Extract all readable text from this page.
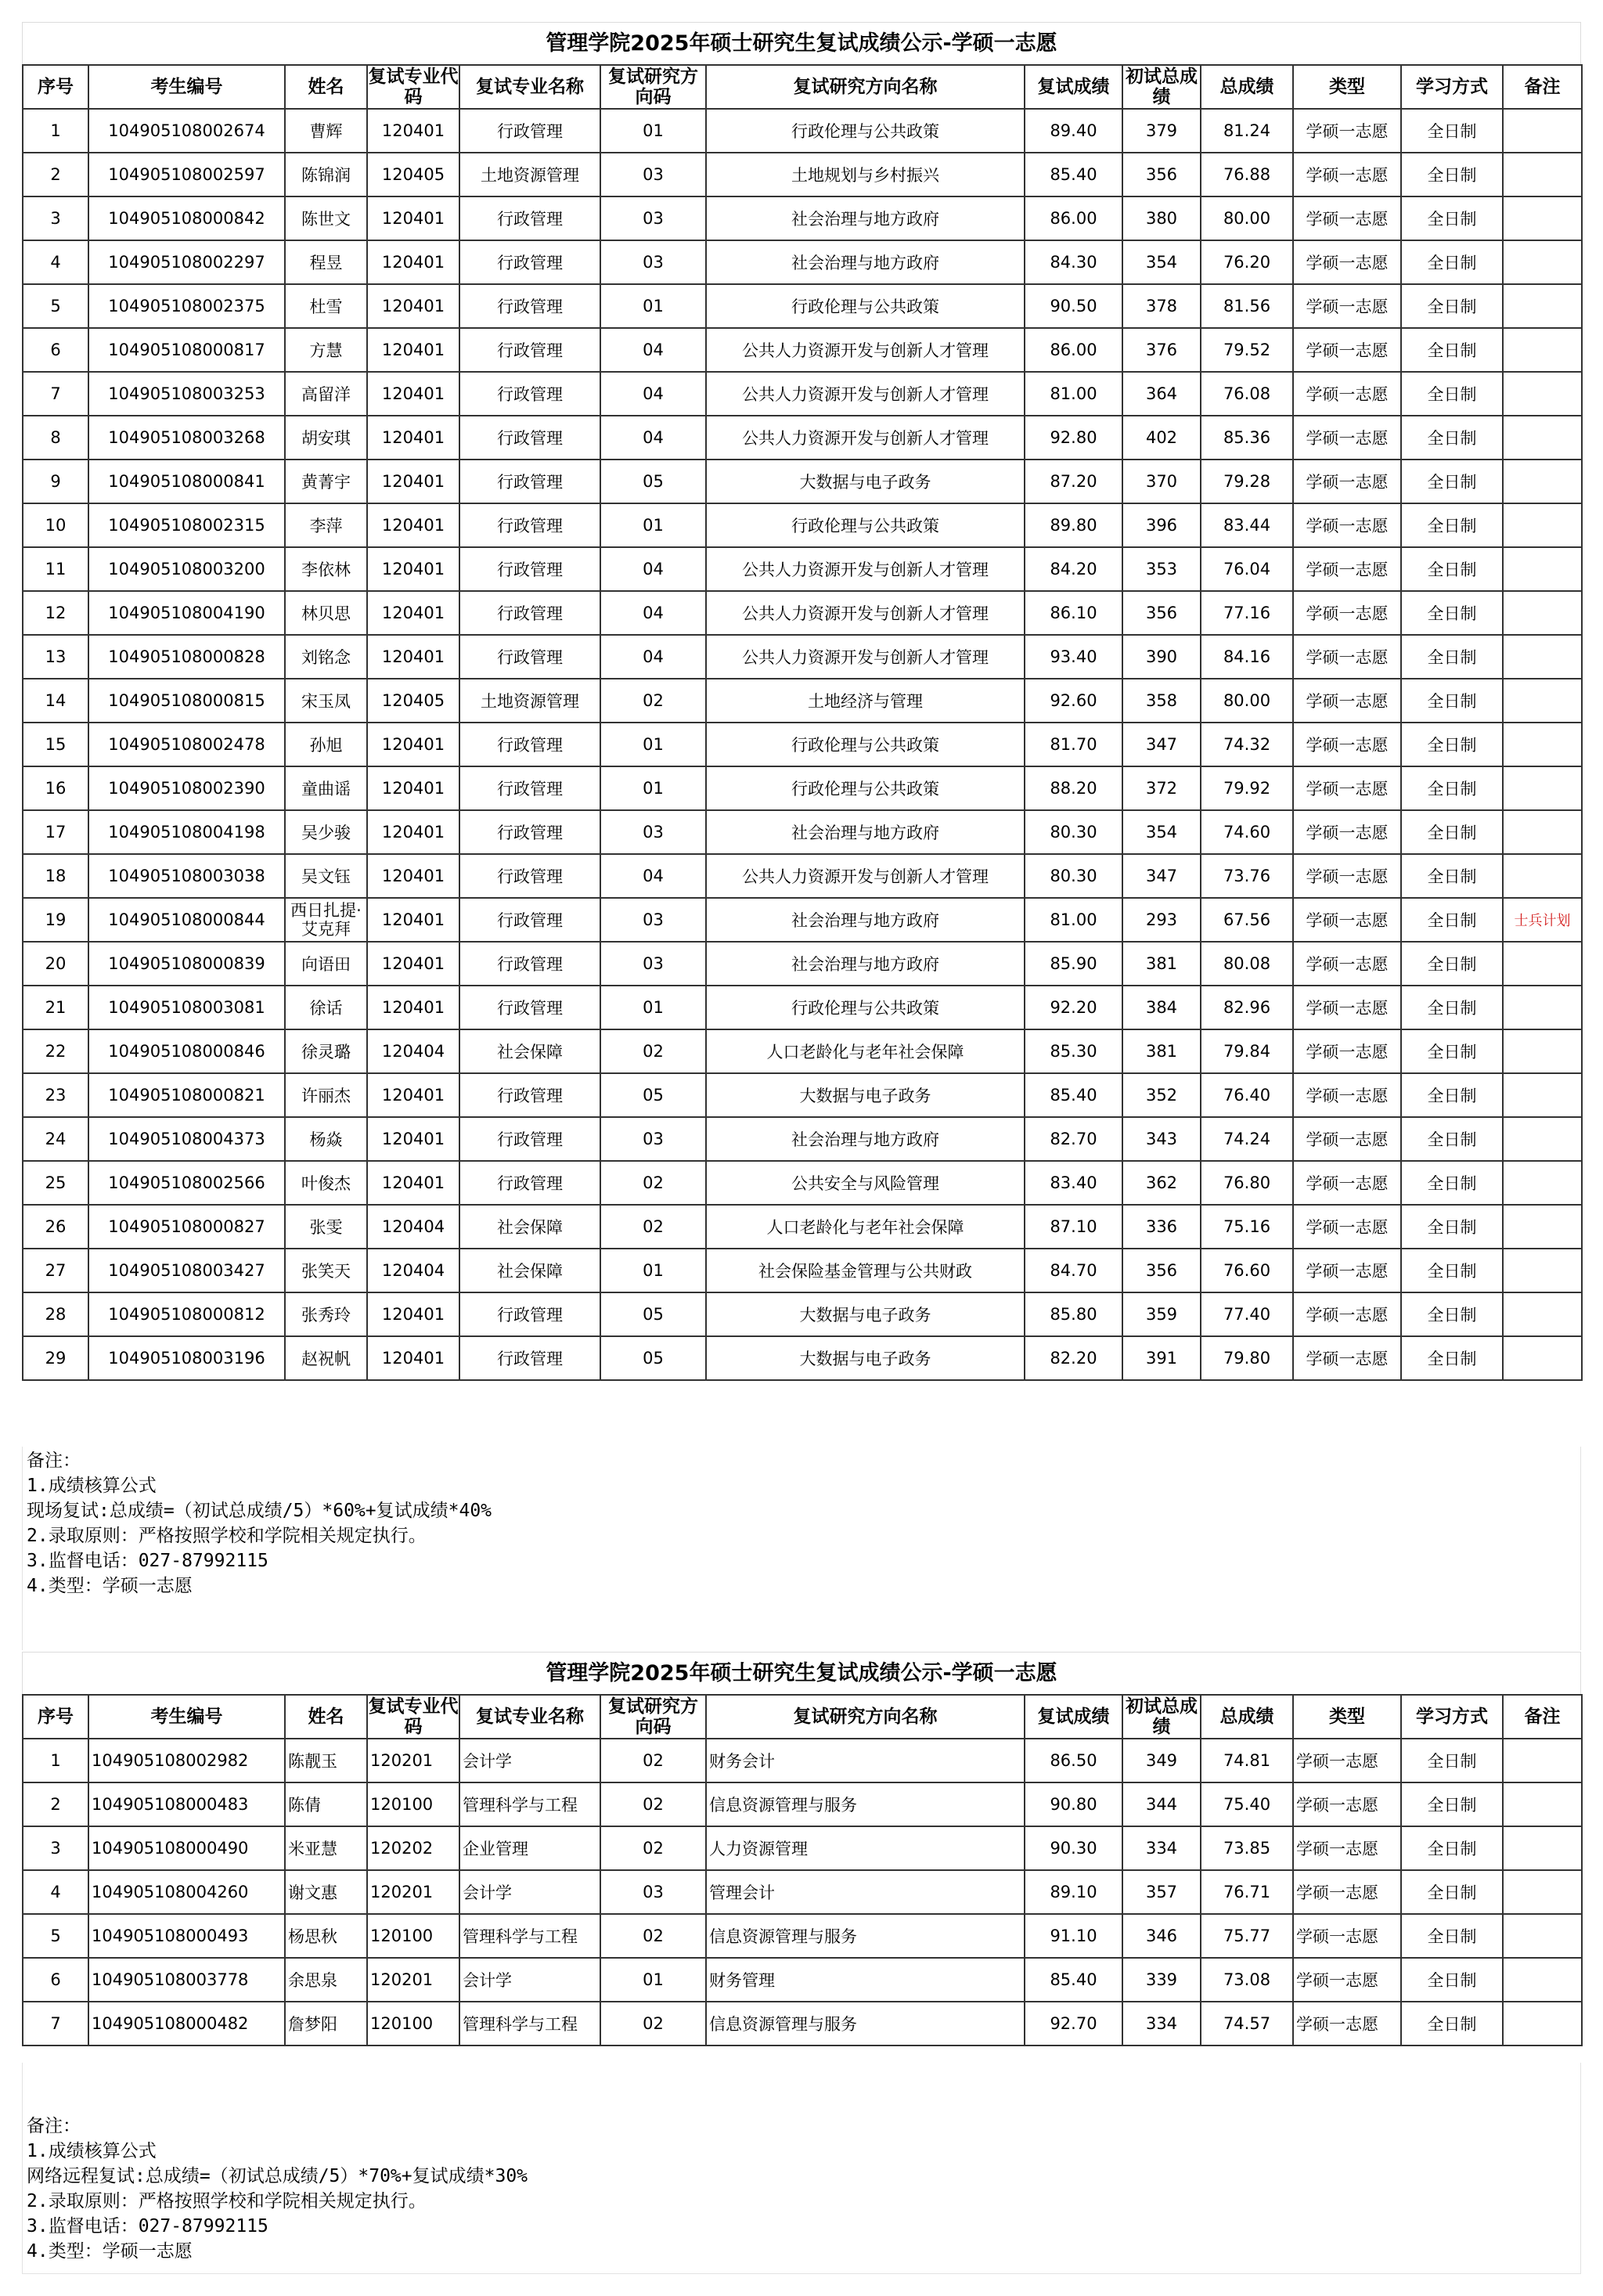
管理学院2025年硕士研究生复试成绩公示-学硕一志愿
序号	考生编号	姓名	复试专业代码	复试专业名称	复试研究方向码	复试研究方向名称	复试成绩	初试总成绩	总成绩	类型	学习方式	备注
1	104905108002674	曹辉	120401	行政管理	01	行政伦理与公共政策	89.40	379	81.24	学硕一志愿	全日制	
2	104905108002597	陈锦润	120405	土地资源管理	03	土地规划与乡村振兴	85.40	356	76.88	学硕一志愿	全日制	
3	104905108000842	陈世文	120401	行政管理	03	社会治理与地方政府	86.00	380	80.00	学硕一志愿	全日制	
4	104905108002297	程昱	120401	行政管理	03	社会治理与地方政府	84.30	354	76.20	学硕一志愿	全日制	
5	104905108002375	杜雪	120401	行政管理	01	行政伦理与公共政策	90.50	378	81.56	学硕一志愿	全日制	
6	104905108000817	方慧	120401	行政管理	04	公共人力资源开发与创新人才管理	86.00	376	79.52	学硕一志愿	全日制	
7	104905108003253	高留洋	120401	行政管理	04	公共人力资源开发与创新人才管理	81.00	364	76.08	学硕一志愿	全日制	
8	104905108003268	胡安琪	120401	行政管理	04	公共人力资源开发与创新人才管理	92.80	402	85.36	学硕一志愿	全日制	
9	104905108000841	黄菁宇	120401	行政管理	05	大数据与电子政务	87.20	370	79.28	学硕一志愿	全日制	
10	104905108002315	李萍	120401	行政管理	01	行政伦理与公共政策	89.80	396	83.44	学硕一志愿	全日制	
11	104905108003200	李依林	120401	行政管理	04	公共人力资源开发与创新人才管理	84.20	353	76.04	学硕一志愿	全日制	
12	104905108004190	林贝思	120401	行政管理	04	公共人力资源开发与创新人才管理	86.10	356	77.16	学硕一志愿	全日制	
13	104905108000828	刘铭念	120401	行政管理	04	公共人力资源开发与创新人才管理	93.40	390	84.16	学硕一志愿	全日制	
14	104905108000815	宋玉凤	120405	土地资源管理	02	土地经济与管理	92.60	358	80.00	学硕一志愿	全日制	
15	104905108002478	孙旭	120401	行政管理	01	行政伦理与公共政策	81.70	347	74.32	学硕一志愿	全日制	
16	104905108002390	童曲谣	120401	行政管理	01	行政伦理与公共政策	88.20	372	79.92	学硕一志愿	全日制	
17	104905108004198	吴少骏	120401	行政管理	03	社会治理与地方政府	80.30	354	74.60	学硕一志愿	全日制	
18	104905108003038	吴文钰	120401	行政管理	04	公共人力资源开发与创新人才管理	80.30	347	73.76	学硕一志愿	全日制	
19	104905108000844	西日扎提·艾克拜	120401	行政管理	03	社会治理与地方政府	81.00	293	67.56	学硕一志愿	全日制	士兵计划
20	104905108000839	向语田	120401	行政管理	03	社会治理与地方政府	85.90	381	80.08	学硕一志愿	全日制	
21	104905108003081	徐话	120401	行政管理	01	行政伦理与公共政策	92.20	384	82.96	学硕一志愿	全日制	
22	104905108000846	徐灵璐	120404	社会保障	02	人口老龄化与老年社会保障	85.30	381	79.84	学硕一志愿	全日制	
23	104905108000821	许丽杰	120401	行政管理	05	大数据与电子政务	85.40	352	76.40	学硕一志愿	全日制	
24	104905108004373	杨焱	120401	行政管理	03	社会治理与地方政府	82.70	343	74.24	学硕一志愿	全日制	
25	104905108002566	叶俊杰	120401	行政管理	02	公共安全与风险管理	83.40	362	76.80	学硕一志愿	全日制	
26	104905108000827	张雯	120404	社会保障	02	人口老龄化与老年社会保障	87.10	336	75.16	学硕一志愿	全日制	
27	104905108003427	张笑天	120404	社会保障	01	社会保险基金管理与公共财政	84.70	356	76.60	学硕一志愿	全日制	
28	104905108000812	张秀玲	120401	行政管理	05	大数据与电子政务	85.80	359	77.40	学硕一志愿	全日制	
29	104905108003196	赵祝帆	120401	行政管理	05	大数据与电子政务	82.20	391	79.80	学硕一志愿	全日制	
备注：
1.成绩核算公式
现场复试:总成绩=（初试总成绩/5）*60%+复试成绩*40%
2.录取原则：严格按照学校和学院相关规定执行。
3.监督电话：027-87992115
4.类型：学硕一志愿
管理学院2025年硕士研究生复试成绩公示-学硕一志愿
序号	考生编号	姓名	复试专业代码	复试专业名称	复试研究方向码	复试研究方向名称	复试成绩	初试总成绩	总成绩	类型	学习方式	备注
1	104905108002982	陈靓玉	120201	会计学	02	财务会计	86.50	349	74.81	学硕一志愿	全日制	
2	104905108000483	陈倩	120100	管理科学与工程	02	信息资源管理与服务	90.80	344	75.40	学硕一志愿	全日制	
3	104905108000490	米亚慧	120202	企业管理	02	人力资源管理	90.30	334	73.85	学硕一志愿	全日制	
4	104905108004260	谢文惠	120201	会计学	03	管理会计	89.10	357	76.71	学硕一志愿	全日制	
5	104905108000493	杨思秋	120100	管理科学与工程	02	信息资源管理与服务	91.10	346	75.77	学硕一志愿	全日制	
6	104905108003778	余思泉	120201	会计学	01	财务管理	85.40	339	73.08	学硕一志愿	全日制	
7	104905108000482	詹梦阳	120100	管理科学与工程	02	信息资源管理与服务	92.70	334	74.57	学硕一志愿	全日制	
备注：
1.成绩核算公式
网络远程复试:总成绩=（初试总成绩/5）*70%+复试成绩*30%
2.录取原则：严格按照学校和学院相关规定执行。
3.监督电话：027-87992115
4.类型：学硕一志愿
